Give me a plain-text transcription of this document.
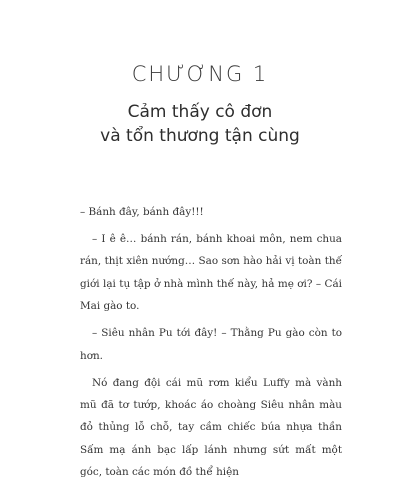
CHƯƠNG 1
Cảm thấy cô đơn
và tổn thương tận cùng

– Bánh đây, bánh đây!!!

– I ê ê… bánh rán, bánh khoai môn, nem chua rán, thịt xiên nướng… Sao sơn hào hải vị toàn thế giới lại tụ tập ở nhà mình thế này, hả mẹ ơi? – Cái Mai gào to.

– Siêu nhân Pu tới đây! – Thằng Pu gào còn to hơn.

Nó đang đội cái mũ rơm kiểu Luffy mà vành mũ đã tơ tướp, khoác áo choàng Siêu nhân màu đỏ thủng lỗ chỗ, tay cầm chiếc búa nhựa thần Sấm mạ ánh bạc lấp lánh nhưng sứt mất một góc, toàn các món đồ thể hiện
